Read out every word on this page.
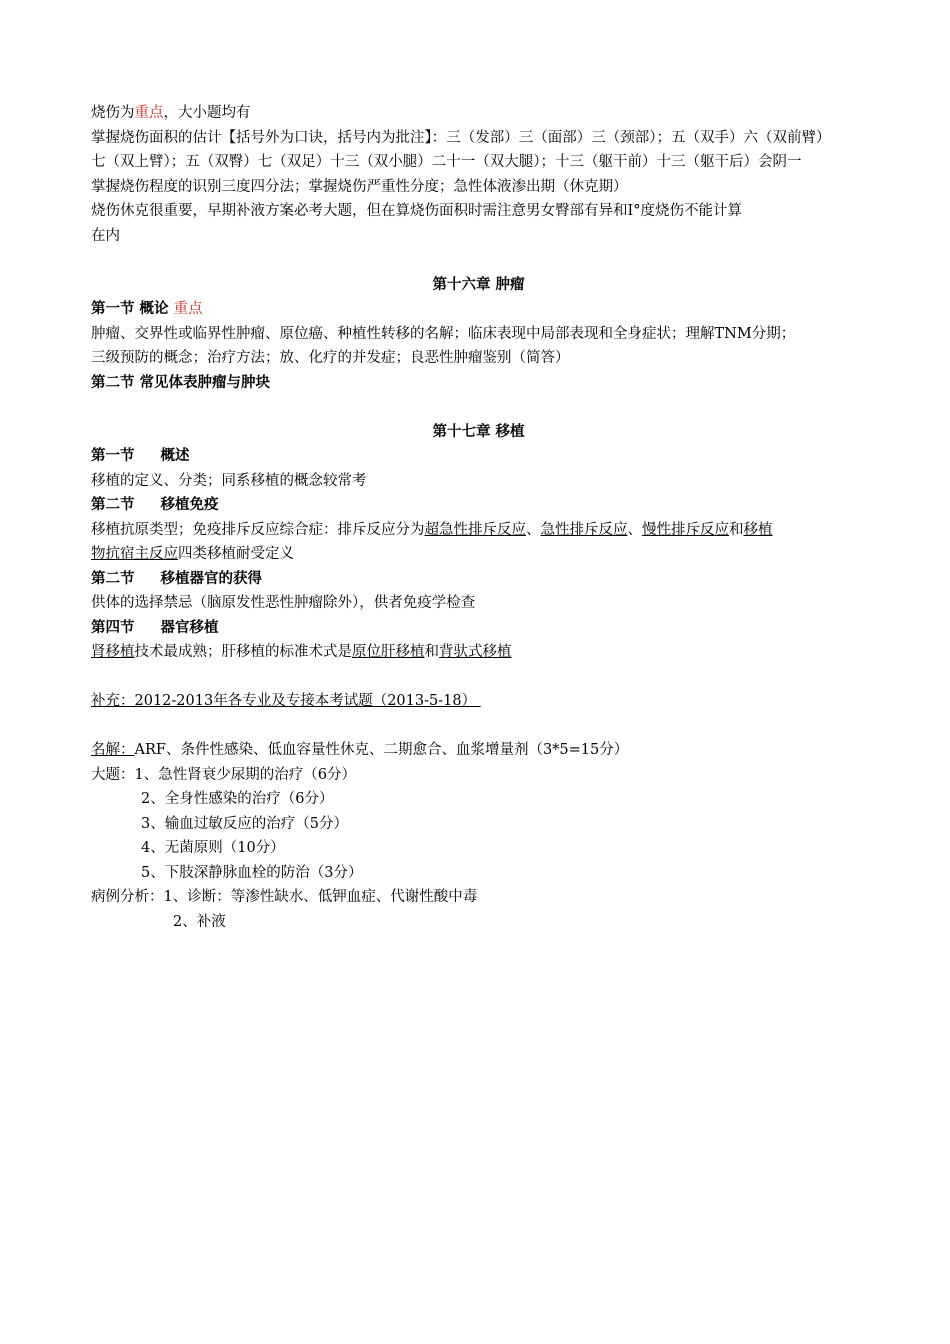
烧伤为重点，大小题均有
掌握烧伤面积的估计【括号外为口诀，括号内为批注】：三（发部）三（面部）三（颈部）；五（双手）六（双前臂）
七（双上臂）；五（双臀）七（双足）十三（双小腿）二十一（双大腿）；十三（躯干前）十三（躯干后）会阴一
掌握烧伤程度的识别三度四分法；掌握烧伤严重性分度；急性体液渗出期（休克期）
烧伤休克很重要，早期补液方案必考大题，但在算烧伤面积时需注意男女臀部有异和Ⅰ°度烧伤不能计算
在内
第十六章 肿瘤
第一节 概论 重点
肿瘤、交界性或临界性肿瘤、原位癌、种植性转移的名解；临床表现中局部表现和全身症状；理解TNM分期；
三级预防的概念；治疗方法；放、化疗的并发症；良恶性肿瘤鉴别（简答）
第二节 常见体表肿瘤与肿块
第十七章 移植
第一节 概述
移植的定义、分类；同系移植的概念较常考
第二节 移植免疫
移植抗原类型；免疫排斥反应综合症：排斥反应分为超急性排斥反应、急性排斥反应、慢性排斥反应和移植
物抗宿主反应四类移植耐受定义
第二节 移植器官的获得
供体的选择禁忌（脑原发性恶性肿瘤除外），供者免疫学检查
第四节 器官移植
肾移植技术最成熟；肝移植的标准术式是原位肝移植和背驮式移植
补充：2012-2013年各专业及专接本考试题（2013-5-18）
名解：ARF、条件性感染、低血容量性休克、二期愈合、血浆增量剂（3*5=15分）
大题：1、急性肾衰少尿期的治疗（6分）
2、全身性感染的治疗（6分）
3、输血过敏反应的治疗（5分）
4、无菌原则（10分）
5、下肢深静脉血栓的防治（3分）
病例分析：1、诊断：等渗性缺水、低钾血症、代谢性酸中毒
2、补液
